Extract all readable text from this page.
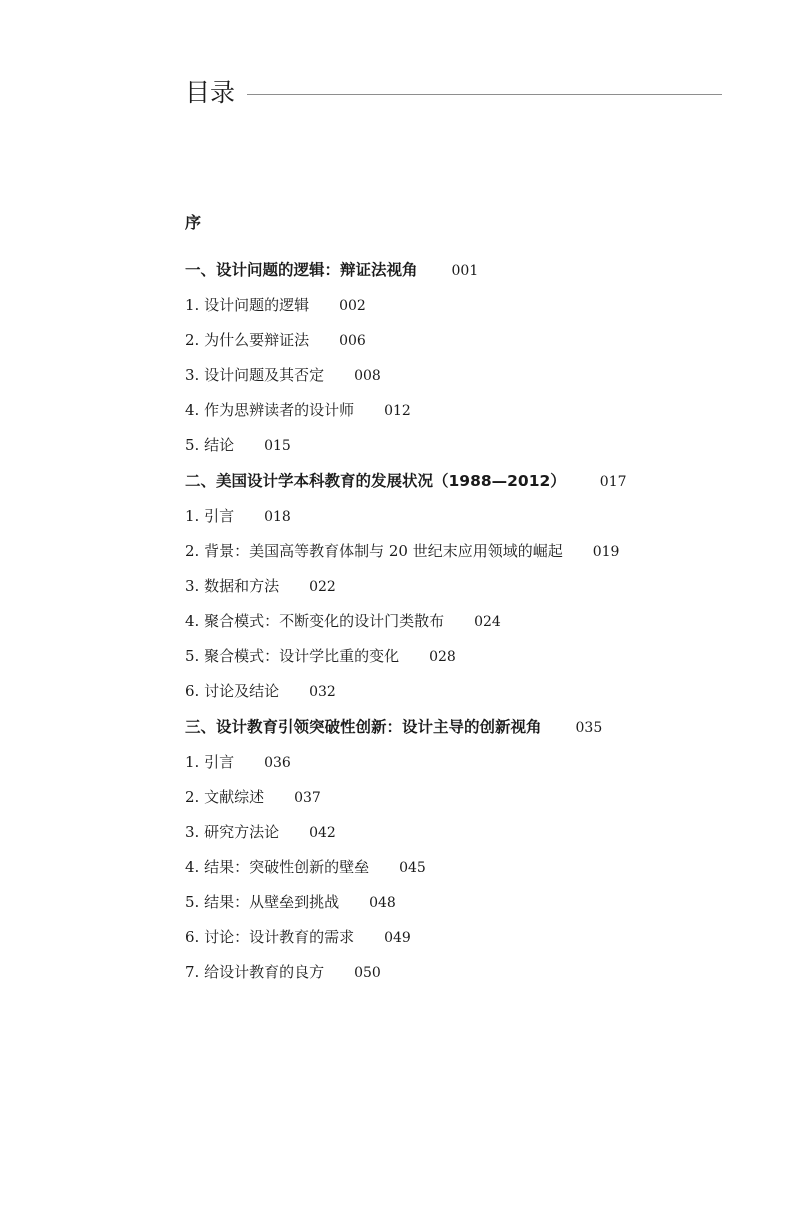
目录
序
一、设计问题的逻辑：辩证法视角 001
1. 设计问题的逻辑 002
2. 为什么要辩证法 006
3. 设计问题及其否定 008
4. 作为思辨读者的设计师 012
5. 结论 015
二、美国设计学本科教育的发展状况（1988—2012） 017
1. 引言 018
2. 背景：美国高等教育体制与 20 世纪末应用领域的崛起 019
3. 数据和方法 022
4. 聚合模式：不断变化的设计门类散布 024
5. 聚合模式：设计学比重的变化 028
6. 讨论及结论 032
三、设计教育引领突破性创新：设计主导的创新视角 035
1. 引言 036
2. 文献综述 037
3. 研究方法论 042
4. 结果：突破性创新的壁垒 045
5. 结果：从壁垒到挑战 048
6. 讨论：设计教育的需求 049
7. 给设计教育的良方 050
